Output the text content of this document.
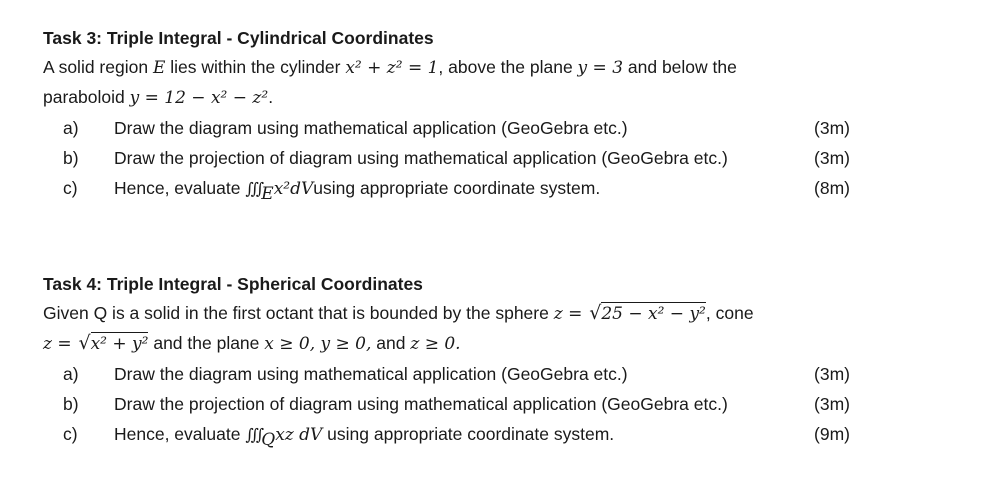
Task 3: Triple Integral - Cylindrical Coordinates
A solid region E lies within the cylinder x² + z² = 1, above the plane y = 3 and below the
paraboloid y = 12 − x² − z².
a) Draw the diagram using mathematical application (GeoGebra etc.)	(3m)
b) Draw the projection of diagram using mathematical application (GeoGebra etc.)	(3m)
c) Hence, evaluate $∭_Ex^2dVusing$ appropriate coordinate system.	(8m)
Task 4: Triple Integral - Spherical Coordinates
Given Q is a solid in the first octant that is bounded by the sphere z = √25 − x² − y², cone
z = √x² + y² and the plane x ≥ 0, y ≥ 0, and z ≥ 0.
a) Draw the diagram using mathematical application (GeoGebra etc.)	(3m)
b) Draw the projection of diagram using mathematical application (GeoGebra etc.)	(3m)
c) Hence, evaluate $∭_Qxz$ dV using appropriate coordinate system.	(9m)
